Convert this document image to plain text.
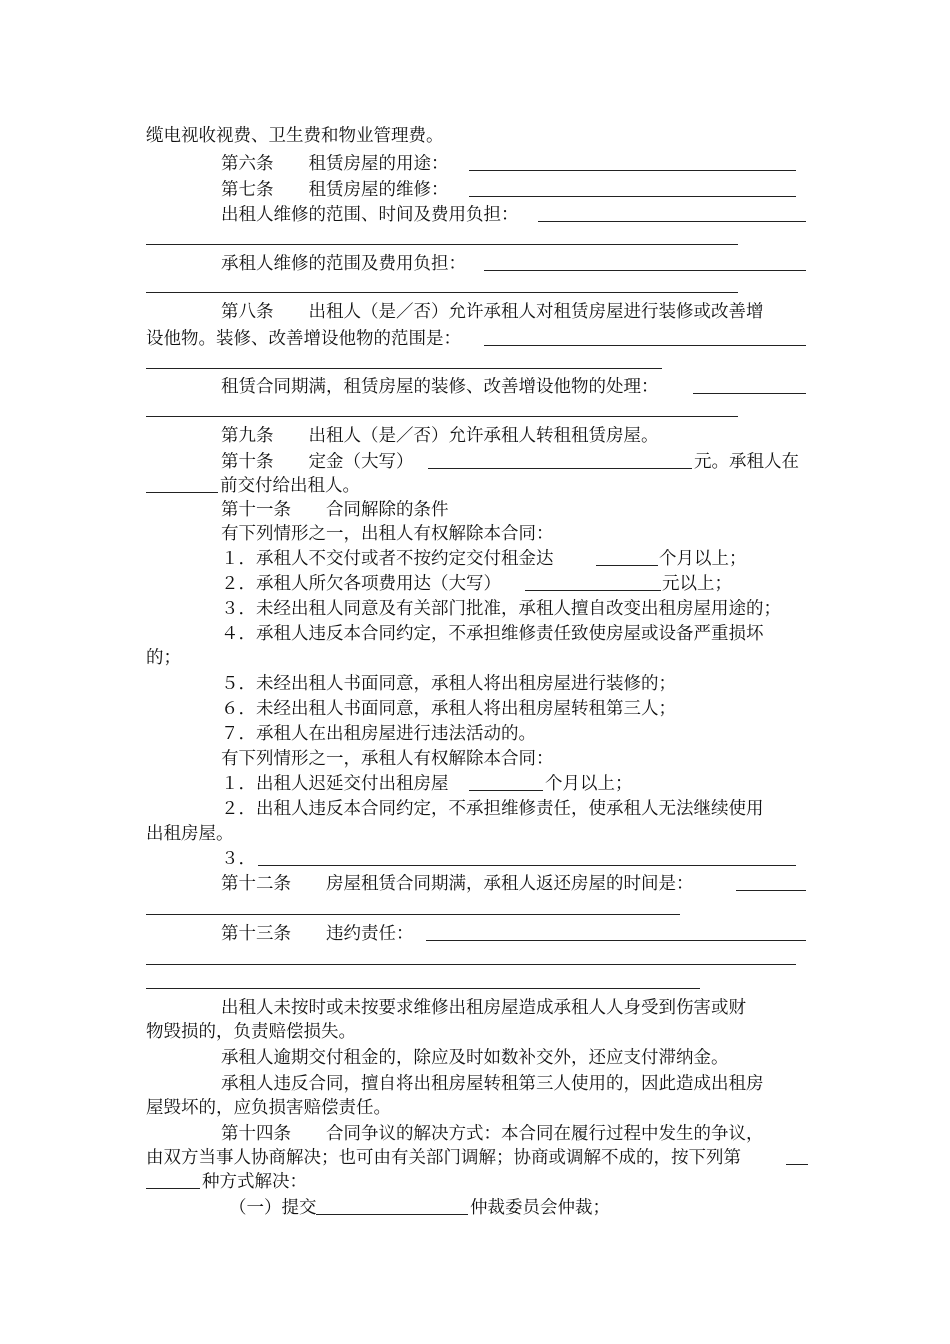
缆电视收视费、卫生费和物业管理费。
第六条　　租赁房屋的用途：
第七条　　租赁房屋的维修：
出租人维修的范围、时间及费用负担：
承租人维修的范围及费用负担：
第八条　　出租人（是／否）允许承租人对租赁房屋进行装修或改善增
设他物。装修、改善增设他物的范围是：
租赁合同期满，租赁房屋的装修、改善增设他物的处理：
第九条　　出租人（是／否）允许承租人转租租赁房屋。
第十条　　定金（大写）	元。承租人在
前交付给出租人。
第十一条　　合同解除的条件
有下列情形之一，出租人有权解除本合同：
１．承租人不交付或者不按约定交付租金达	个月以上；
２．承租人所欠各项费用达（大写）	元以上；
３．未经出租人同意及有关部门批准，承租人擅自改变出租房屋用途的；
４．承租人违反本合同约定，不承担维修责任致使房屋或设备严重损坏
的；
５．未经出租人书面同意，承租人将出租房屋进行装修的；
６．未经出租人书面同意，承租人将出租房屋转租第三人；
７．承租人在出租房屋进行违法活动的。
有下列情形之一，承租人有权解除本合同：
１．出租人迟延交付出租房屋	个月以上；
２．出租人违反本合同约定，不承担维修责任，使承租人无法继续使用
出租房屋。
３．
第十二条　　房屋租赁合同期满，承租人返还房屋的时间是：
第十三条　　违约责任：
出租人未按时或未按要求维修出租房屋造成承租人人身受到伤害或财
物毁损的，负责赔偿损失。
承租人逾期交付租金的，除应及时如数补交外，还应支付滞纳金。
承租人违反合同，擅自将出租房屋转租第三人使用的，因此造成出租房
屋毁坏的，应负损害赔偿责任。
第十四条　　合同争议的解决方式：本合同在履行过程中发生的争议，
由双方当事人协商解决；也可由有关部门调解；协商或调解不成的，按下列第
种方式解决：
（一）提交	仲裁委员会仲裁；
